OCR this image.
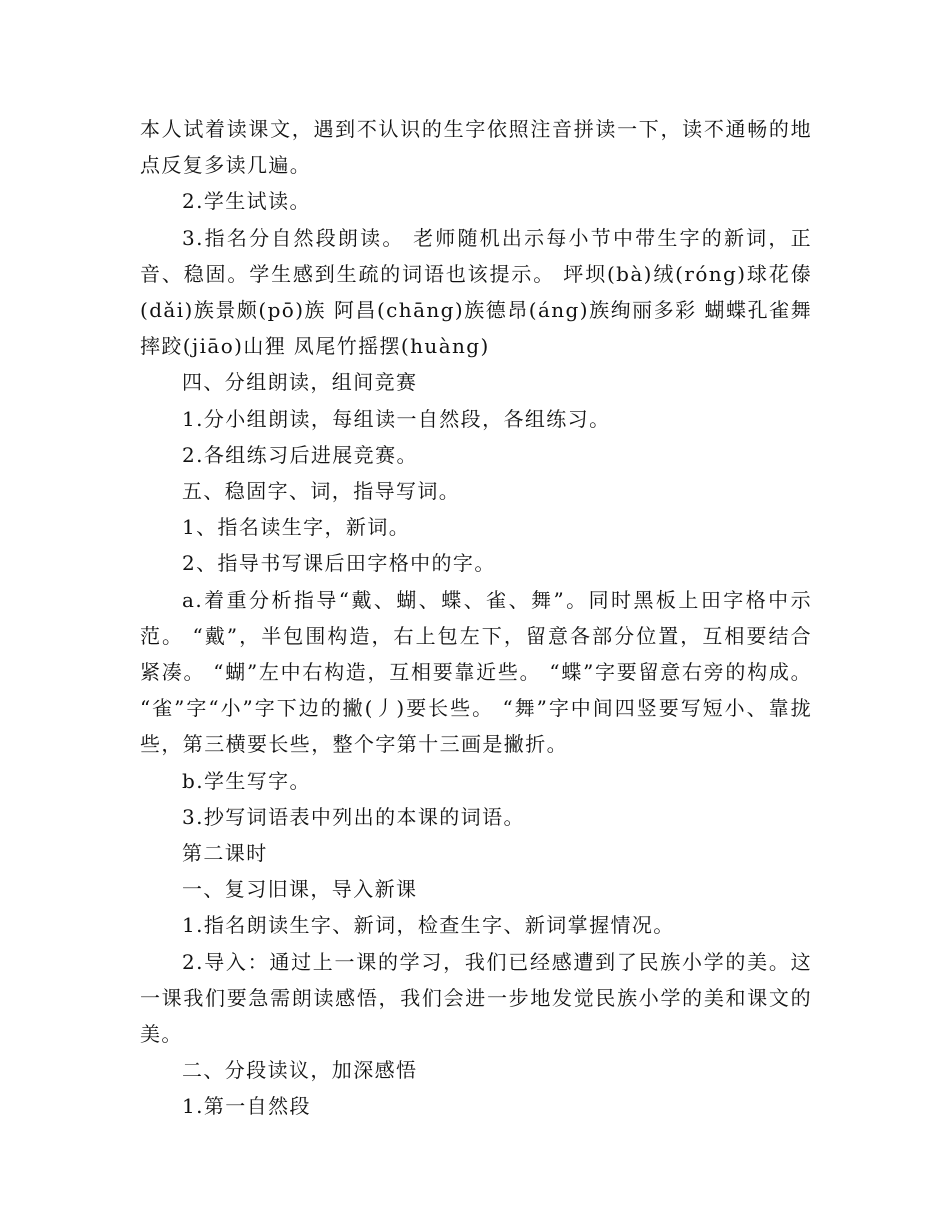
本人试着读课文，遇到不认识的生字依照注音拼读一下，读不通畅的地点反复多读几遍。

2.学生试读。

3.指名分自然段朗读。 老师随机出示每小节中带生字的新词，正音、稳固。学生感到生疏的词语也该提示。 坪坝(bà)绒(róng)球花傣(dǎi)族景颇(pō)族 阿昌(chāng)族德昂(áng)族绚丽多彩 蝴蝶孔雀舞摔跤(jiāo)山狸 凤尾竹摇摆(huàng)

四、分组朗读，组间竞赛

1.分小组朗读，每组读一自然段，各组练习。

2.各组练习后进展竞赛。

五、稳固字、词，指导写词。

1、指名读生字，新词。

2、指导书写课后田字格中的字。

a.着重分析指导“戴、蝴、蝶、雀、舞”。同时黑板上田字格中示范。 “戴”，半包围构造，右上包左下，留意各部分位置，互相要结合紧凑。 “蝴”左中右构造，互相要靠近些。 “蝶”字要留意右旁的构成。 “雀”字“小”字下边的撇(丿)要长些。 “舞”字中间四竖要写短小、靠拢些，第三横要长些，整个字第十三画是撇折。

b.学生写字。

3.抄写词语表中列出的本课的词语。

第二课时

一、复习旧课，导入新课

1.指名朗读生字、新词，检查生字、新词掌握情况。

2.导入：通过上一课的学习，我们已经感遭到了民族小学的美。这一课我们要急需朗读感悟，我们会进一步地发觉民族小学的美和课文的美。

二、分段读议，加深感悟

1.第一自然段
